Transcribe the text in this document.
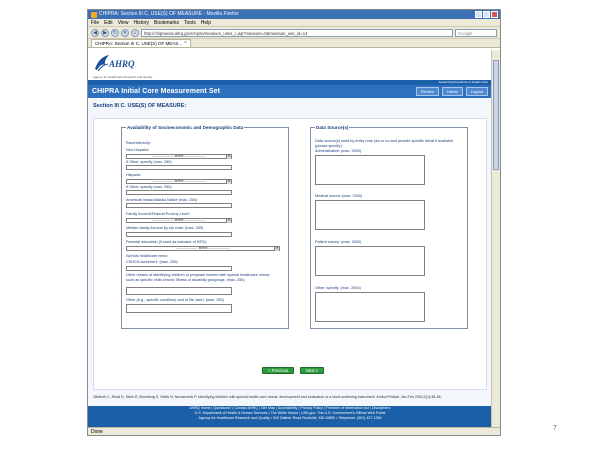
CHIPRA: Section III C. USE(S) OF MEASURE - Mozilla Firefox
File Edit View History Bookmarks Tools Help
◀	▶	↻	✕	⌂	http://chipraeval.ahrq.gov/chipra/measure_uses_c.jsp?measure=0&measure_use_id=14	Google
CHIPRA: Section III C. USE(S) OF MEAS... ×
AHRQ
Agency for Healthcare Research and Quality
Advancing Excellence in Health Care
CHIPRA Initial Core Measurement Set	Review	Home	Logout
Section III C. USE(S) OF MEASURE:
Availability of Socioeconomic and Demographic Data
Race/ethnicity:
Non-Hispanic
------------------- select -------------------	▼
If Other, specify (max. 255)
Hispanic
------------------- select -------------------	▼
If Other, specify (max. 255)
American Indian/Alaska Native (max. 255)
Family Income/Federal Poverty Level:
------------------- select -------------------	▼
Median family income by zip code: (max. 255)
Parental education (if used as indicator of SES):
------------------- select -------------------	▼
Special healthcare need:
CSHCN screener1: (max. 255)
Other means of identifying children or pregnant women with special healthcare needs: such as specific child chronic illness or disability groupings: (max. 255)
Other (e.g., specific condition) and of life care): (max. 255)
Data Source(s)
Data source(s) used by entity note yes or no and provide specific detail if available (please specify):
Administrative: (max. 2000)
Medical record: (max. 2000)
Patient survey: (max. 2000)
Other; specify: (max. 2000)
< Previous	Next >
1Bethell C, Read D, Stein R, Blumberg S, Wells N, Newacheck P. Identifying children with special health care needs: development and evaluation of a short screening instrument. Ambul Pediatr. Jan-Feb 2002;2(1):38-48.
AHRQ Home | Questions? | Contact AHRQ | Site Map | Accessibility | Privacy Policy | Freedom of Information Act | Disclaimers
U.S. Department of Health & Human Services | The White House | USA.gov: The U.S. Government's Official Web Portal
Agency for Healthcare Research and Quality • 540 Gaither Road Rockville, MD 20850 • Telephone: (301) 427-1364
Done	7
